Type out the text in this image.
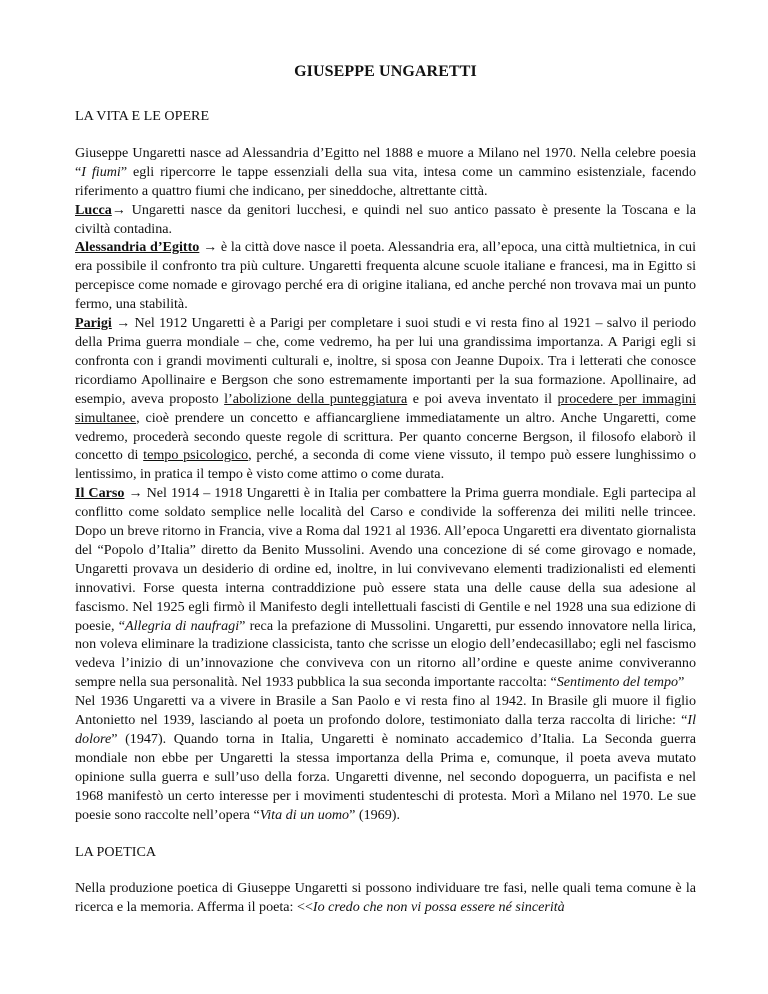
GIUSEPPE UNGARETTI

LA VITA E LE OPERE

Giuseppe Ungaretti nasce ad Alessandria d’Egitto nel 1888 e muore a Milano nel 1970. Nella celebre poesia “I fiumi” egli ripercorre le tappe essenziali della sua vita, intesa come un cammino esistenziale, facendo riferimento a quattro fiumi che indicano, per sineddoche, altrettante città.

Lucca→ Ungaretti nasce da genitori lucchesi, e quindi nel suo antico passato è presente la Toscana e la civiltà contadina.

Alessandria d’Egitto → è la città dove nasce il poeta. Alessandria era, all’epoca, una città multietnica, in cui era possibile il confronto tra più culture. Ungaretti frequenta alcune scuole italiane e francesi, ma in Egitto si percepisce come nomade e girovago perché era di origine italiana, ed anche perché non trovava mai un punto fermo, una stabilità.

Parigi → Nel 1912 Ungaretti è a Parigi per completare i suoi studi e vi resta fino al 1921 – salvo il periodo della Prima guerra mondiale – che, come vedremo, ha per lui una grandissima importanza. A Parigi egli si confronta con i grandi movimenti culturali e, inoltre, si sposa con Jeanne Dupoix. Tra i letterati che conosce ricordiamo Apollinaire e Bergson che sono estremamente importanti per la sua formazione. Apollinaire, ad esempio, aveva proposto l’abolizione della punteggiatura e poi aveva inventato il procedere per immagini simultanee, cioè prendere un concetto e affiancargliene immediatamente un altro. Anche Ungaretti, come vedremo, procederà secondo queste regole di scrittura. Per quanto concerne Bergson, il filosofo elaborò il concetto di tempo psicologico, perché, a seconda di come viene vissuto, il tempo può essere lunghissimo o lentissimo, in pratica il tempo è visto come attimo o come durata.

Il Carso → Nel 1914 – 1918 Ungaretti è in Italia per combattere la Prima guerra mondiale. Egli partecipa al conflitto come soldato semplice nelle località del Carso e condivide la sofferenza dei militi nelle trincee. Dopo un breve ritorno in Francia, vive a Roma dal 1921 al 1936. All’epoca Ungaretti era diventato giornalista del “Popolo d’Italia” diretto da Benito Mussolini. Avendo una concezione di sé come girovago e nomade, Ungaretti provava un desiderio di ordine ed, inoltre, in lui convivevano elementi tradizionalisti ed elementi innovativi. Forse questa interna contraddizione può essere stata una delle cause della sua adesione al fascismo. Nel 1925 egli firmò il Manifesto degli intellettuali fascisti di Gentile e nel 1928 una sua edizione di poesie, “Allegria di naufragi” reca la prefazione di Mussolini. Ungaretti, pur essendo innovatore nella lirica, non voleva eliminare la tradizione classicista, tanto che scrisse un elogio dell’endecasillabo; egli nel fascismo vedeva l’inizio di un’innovazione che conviveva con un ritorno all’ordine e queste anime conviveranno sempre nella sua personalità. Nel 1933 pubblica la sua seconda importante raccolta: “Sentimento del tempo”

Nel 1936 Ungaretti va a vivere in Brasile a San Paolo e vi resta fino al 1942. In Brasile gli muore il figlio Antonietto nel 1939, lasciando al poeta un profondo dolore, testimoniato dalla terza raccolta di liriche: “Il dolore” (1947). Quando torna in Italia, Ungaretti è nominato accademico d’Italia. La Seconda guerra mondiale non ebbe per Ungaretti la stessa importanza della Prima e, comunque, il poeta aveva mutato opinione sulla guerra e sull’uso della forza. Ungaretti divenne, nel secondo dopoguerra, un pacifista e nel 1968 manifestò un certo interesse per i movimenti studenteschi di protesta. Morì a Milano nel 1970. Le sue poesie sono raccolte nell’opera “Vita di un uomo” (1969).

LA POETICA

Nella produzione poetica di Giuseppe Ungaretti si possono individuare tre fasi, nelle quali tema comune è la ricerca e la memoria. Afferma il poeta: <<Io credo che non vi possa essere né sincerità
